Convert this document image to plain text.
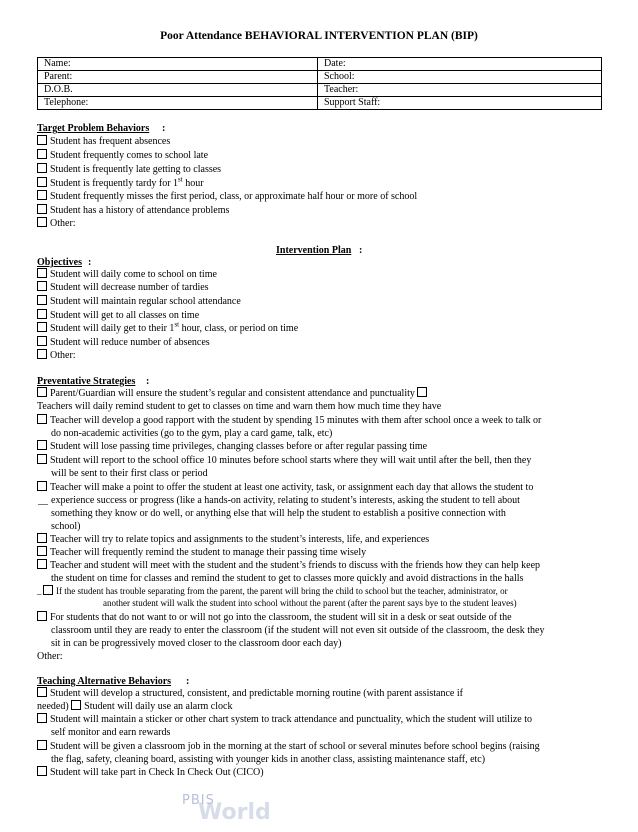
Poor Attendance BEHAVIORAL INTERVENTION PLAN (BIP)
Name:	Date:
Parent:	School:
D.O.B.	Teacher:
Telephone:	Support Staff:
Target Problem Behaviors :
Student has frequent absences
Student frequently comes to school late
Student is frequently late getting to classes
Student is frequently tardy for 1st hour
Student frequently misses the first period, class, or approximate half hour or more of school
Student has a history of attendance problems
Other:
Intervention Plan :
Objectives :
Student will daily come to school on time
Student will decrease number of tardies
Student will maintain regular school attendance
Student will get to all classes on time
Student will daily get to their 1st hour, class, or period on time
Student will reduce number of absences
Other:
Preventative Strategies :
Parent/Guardian will ensure the student’s regular and consistent attendance and punctuality
Teachers will daily remind student to get to classes on time and warn them how much time they have
Teacher will develop a good rapport with the student by spending 15 minutes with them after school once a week to talk or
do non-academic activities (go to the gym, play a card game, talk, etc)
Student will lose passing time privileges, changing classes before or after regular passing time
Student will report to the school office 10 minutes before school starts where they will wait until after the bell, then they
will be sent to their first class or period
Teacher will make a point to offer the student at least one activity, task, or assignment each day that allows the student to
experience success or progress (like a hands-on activity, relating to student’s interests, asking the student to tell about
__
something they know or do well, or anything else that will help the student to establish a positive connection with
school)
Teacher will try to relate topics and assignments to the student’s interests, life, and experiences
Teacher will frequently remind the student to manage their passing time wisely
Teacher and student will meet with the student and the student’s friends to discuss with the friends how they can help keep
the student on time for classes and remind the student to get to classes more quickly and avoid distractions in the halls
_ If the student has trouble separating from the parent, the parent will bring the child to school but the teacher, administrator, or
another student will walk the student into school without the parent (after the parent says bye to the student leaves)
For students that do not want to or will not go into the classroom, the student will sit in a desk or seat outside of the
classroom until they are ready to enter the classroom (if the student will not even sit outside of the classroom, the desk they
sit in can be progressively moved closer to the classroom door each day)
Other:
Teaching Alternative Behaviors :
Student will develop a structured, consistent, and predictable morning routine (with parent assistance if
needed) Student will daily use an alarm clock
Student will maintain a sticker or other chart system to track attendance and punctuality, which the student will utilize to
self monitor and earn rewards
Student will be given a classroom job in the morning at the start of school or several minutes before school begins (raising
the flag, safety, cleaning board, assisting with younger kids in another class, assisting maintenance staff, etc)
Student will take part in Check In Check Out (CICO)
PBIS
World
